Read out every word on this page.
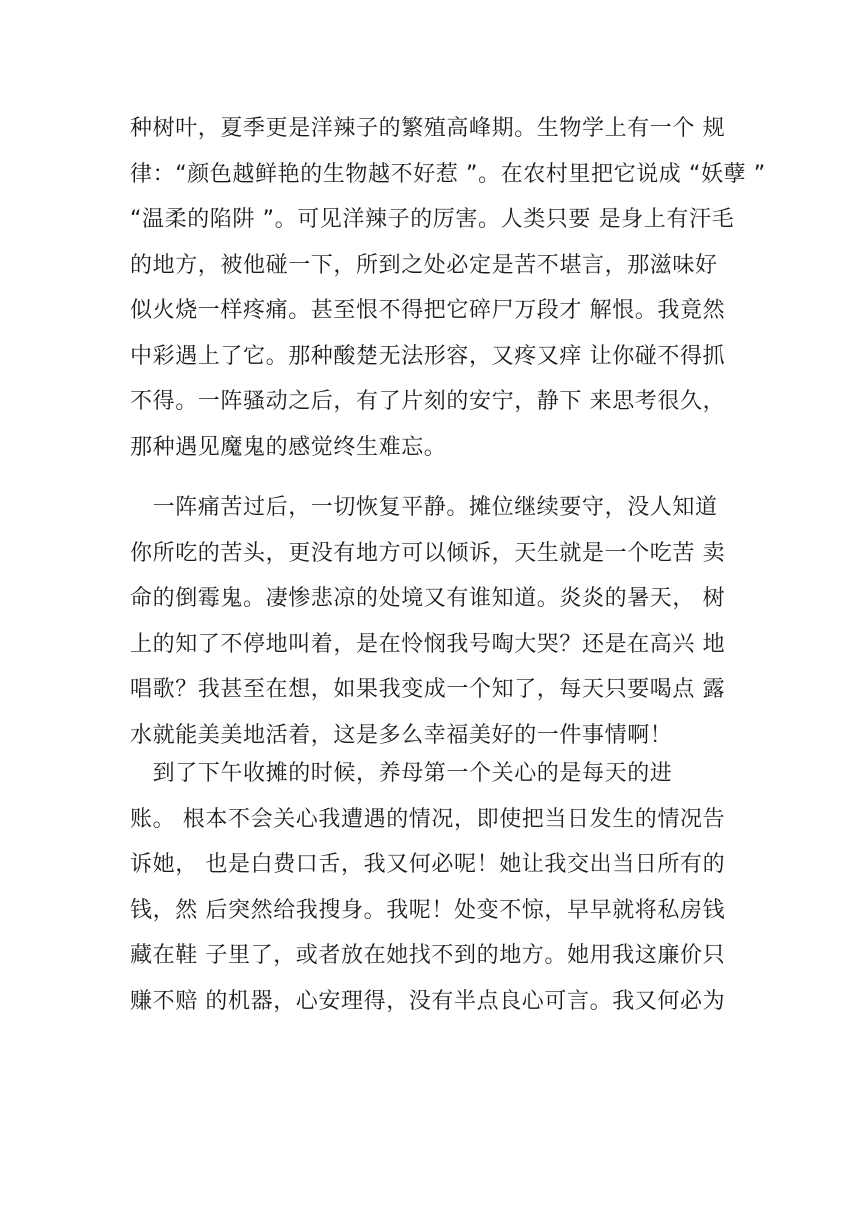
种树叶，夏季更是洋辣子的繁殖高峰期。生物学上有一个 规
律：“颜色越鲜艳的生物越不好惹 ”。在农村里把它说成 “妖孽 ”
“温柔的陷阱 ”。可见洋辣子的厉害。人类只要 是身上有汗毛
的地方，被他碰一下，所到之处必定是苦不堪言，那滋味好
似火烧一样疼痛。甚至恨不得把它碎尸万段才 解恨。我竟然
中彩遇上了它。那种酸楚无法形容，又疼又痒 让你碰不得抓
不得。一阵骚动之后，有了片刻的安宁，静下 来思考很久，
那种遇见魔鬼的感觉终生难忘。
　一阵痛苦过后，一切恢复平静。摊位继续要守，没人知道
你所吃的苦头，更没有地方可以倾诉，天生就是一个吃苦 卖
命的倒霉鬼。凄惨悲凉的处境又有谁知道。炎炎的暑天， 树
上的知了不停地叫着，是在怜悯我号啕大哭？还是在高兴 地
唱歌？我甚至在想，如果我变成一个知了，每天只要喝点 露
水就能美美地活着，这是多么幸福美好的一件事情啊！
　到了下午收摊的时候，养母第一个关心的是每天的进
账。 根本不会关心我遭遇的情况，即使把当日发生的情况告
诉她， 也是白费口舌，我又何必呢！她让我交出当日所有的
钱，然 后突然给我搜身。我呢！处变不惊，早早就将私房钱
藏在鞋 子里了，或者放在她找不到的地方。她用我这廉价只
赚不赔 的机器，心安理得，没有半点良心可言。我又何必为
